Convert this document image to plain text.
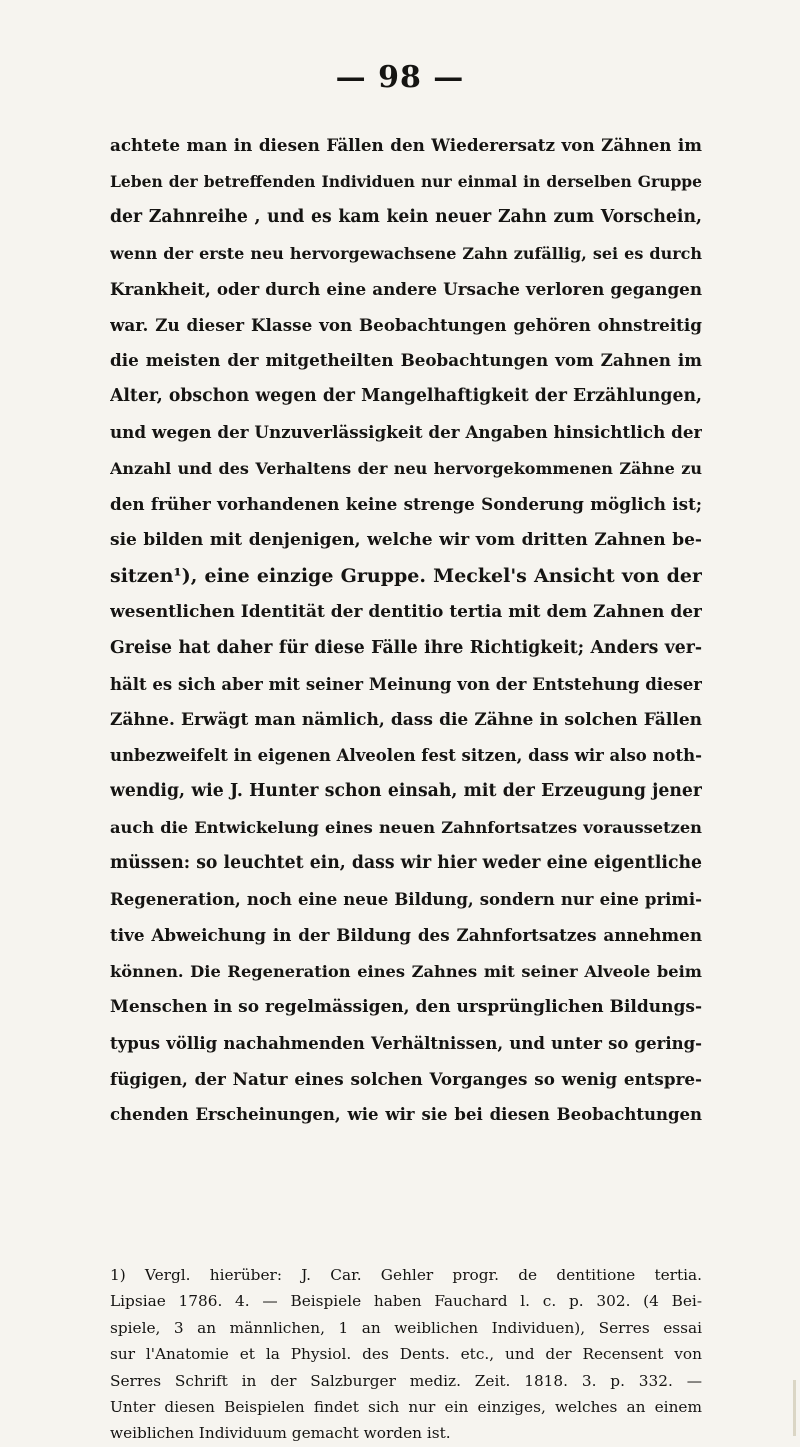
— 98 —
achtete man in diesen Fällen den Wiederersatz von Zähnen im
Leben der betreffenden Individuen nur einmal in derselben Gruppe
der Zahnreihe , und es kam kein neuer Zahn zum Vorschein,
wenn der erste neu hervorgewachsene Zahn zufällig, sei es durch
Krankheit, oder durch eine andere Ursache verloren gegangen
war. Zu dieser Klasse von Beobachtungen gehören ohnstreitig
die meisten der mitgetheilten Beobachtungen vom Zahnen im
Alter, obschon wegen der Mangelhaftigkeit der Erzählungen,
und wegen der Unzuverlässigkeit der Angaben hinsichtlich der
Anzahl und des Verhaltens der neu hervorgekommenen Zähne zu
den früher vorhandenen keine strenge Sonderung möglich ist;
sie bilden mit denjenigen, welche wir vom dritten Zahnen be-
sitzen¹), eine einzige Gruppe. Meckel's Ansicht von der
wesentlichen Identität der dentitio tertia mit dem Zahnen der
Greise hat daher für diese Fälle ihre Richtigkeit; Anders ver-
hält es sich aber mit seiner Meinung von der Entstehung dieser
Zähne. Erwägt man nämlich, dass die Zähne in solchen Fällen
unbezweifelt in eigenen Alveolen fest sitzen, dass wir also noth-
wendig, wie J. Hunter schon einsah, mit der Erzeugung jener
auch die Entwickelung eines neuen Zahnfortsatzes voraussetzen
müssen: so leuchtet ein, dass wir hier weder eine eigentliche
Regeneration, noch eine neue Bildung, sondern nur eine primi-
tive Abweichung in der Bildung des Zahnfortsatzes annehmen
können. Die Regeneration eines Zahnes mit seiner Alveole beim
Menschen in so regelmässigen, den ursprünglichen Bildungs-
typus völlig nachahmenden Verhältnissen, und unter so gering-
fügigen, der Natur eines solchen Vorganges so wenig entspre-
chenden Erscheinungen, wie wir sie bei diesen Beobachtungen
1) Vergl. hierüber: J. Car. Gehler progr. de dentitione tertia.
Lipsiae 1786. 4. — Beispiele haben Fauchard l. c. p. 302. (4 Bei-
spiele, 3 an männlichen, 1 an weiblichen Individuen), Serres essai
sur l'Anatomie et la Physiol. des Dents. etc., und der Recensent von
Serres Schrift in der Salzburger mediz. Zeit. 1818. 3. p. 332. —
Unter diesen Beispielen findet sich nur ein einziges, welches an einem
weiblichen Individuum gemacht worden ist.
